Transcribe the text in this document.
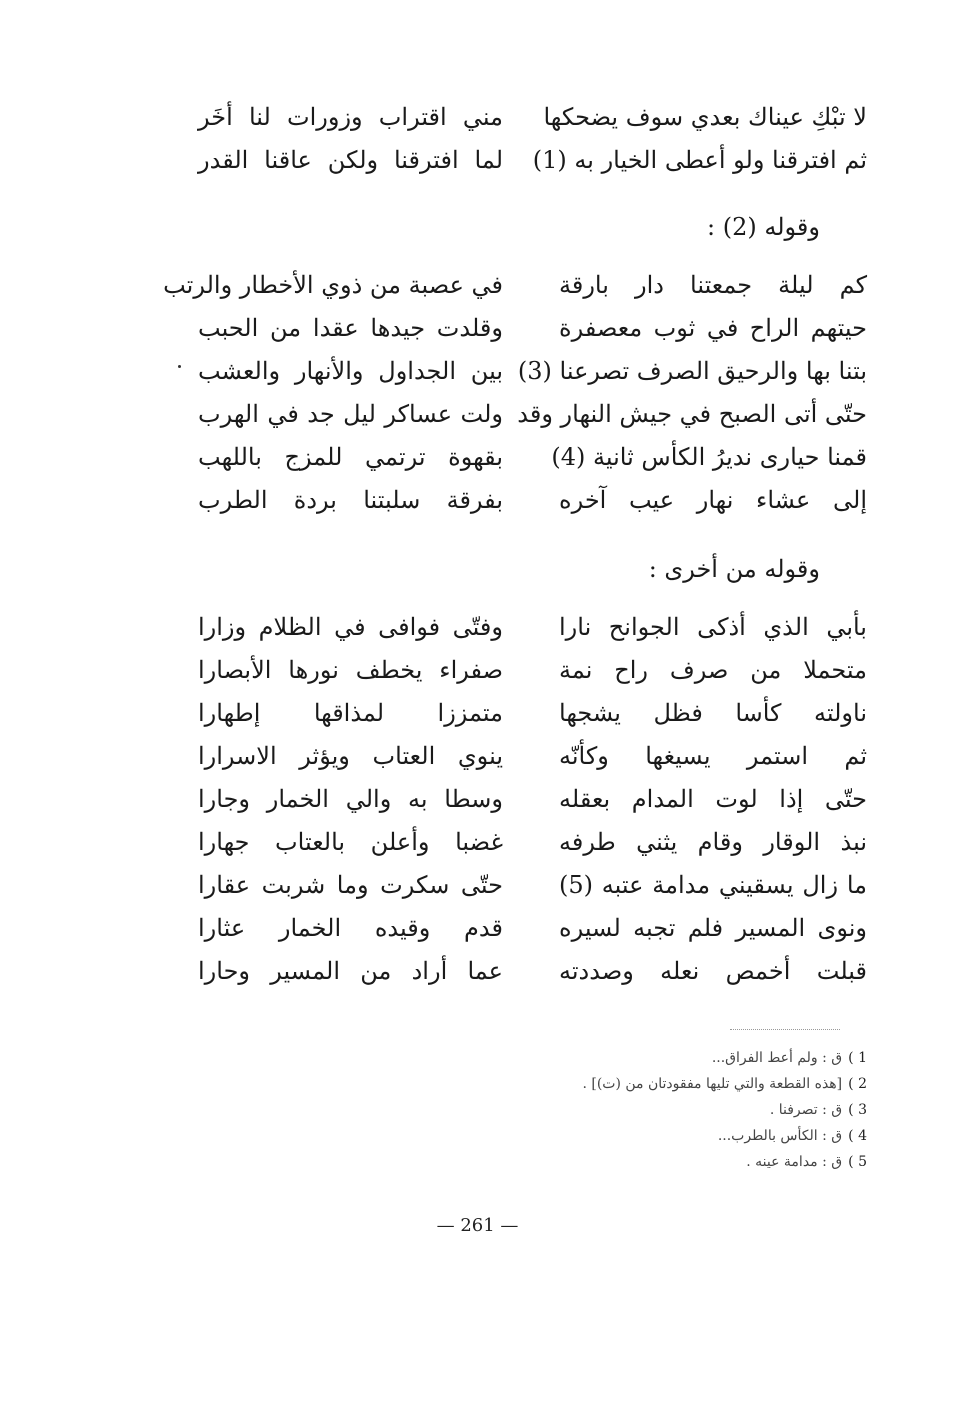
لا تبْكِ عيناك بعدي سوف يضحكها
مني اقتراب وزورات لنا أخَر
ثم افترقنا ولو أعطى الخيار به (1)
لما افترقنا ولكن عاقنا القدر
وقوله (2) :
كم ليلة جمعتنا دار بارقة
في عصبة من ذوي الأخطار والرتب
حيتهم الراح في ثوب معصفرة
وقلدت جيدها عقدا من الحبب
بتنا بها والرحيق الصرف تصرعنا (3)
بين الجداول والأنهار والعشب
حتّى أتى الصبح في جيش النهار وقد
ولت عساكر ليل جد في الهرب
قمنا حيارى نديرُ الكأس ثانية (4)
بقهوة ترتمي للمزج باللهب
إلى عشاء نهار عيب آخره
بفرقة سلبتنا بردة الطرب
وقوله من أخرى :
بأبي الذي أذكى الجوانح نارا
وفتّى فوافى في الظلام وزارا
متحملا من صرف راح نمة
صفراء يخطف نورها الأبصارا
ناولته كأسا فظل يشجها
متمززا لمذاقها إطهارا
ثم استمر يسيغها وكأنّه
ينوي العتاب ويؤثر الاسرارا
حتّى إذا لوت المدام بعقله
وسطا به والي الخمار وجارا
نبذ الوقار وقام يثني طرفه
غضبا وأعلن بالعتاب جهارا
ما زال يسقيني مدامة عتبه (5)
حتّى سكرت وما شربت عقارا
ونوى المسير فلم تجبه لسيره
قدم وقيده الخمار عثارا
قبلت أخمص نعله وصددته
عما أراد من المسير وحارا
1 )ق : ولم أعط الفراق...
2 )[هذه القطعة والتي تليها مفقودتان من (ت)] .
3 )ق : تصرفنا .
4 )ق : الكأس بالطرب...
5 )ق : مدامة عينه .
— 261 —
